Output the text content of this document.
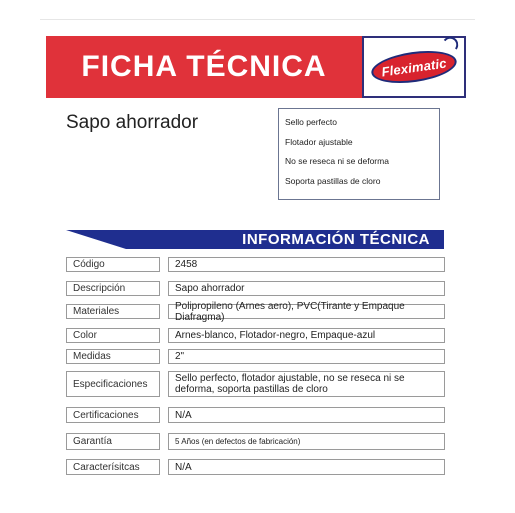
FICHA TÉCNICA	Fleximatic
Sapo ahorrador	Sello perfecto
Flotador ajustable
No se reseca ni se deforma
Soporta pastillas de cloro
INFORMACIÓN TÉCNICA
Código	2458
Descripción	Sapo ahorrador
Materiales	Polipropileno (Arnes aero), PVC(Tirante y Empaque Diafragma)
Color	Arnes-blanco, Flotador-negro, Empaque-azul
Medidas	2"
Especificaciones	Sello perfecto, flotador ajustable, no se reseca ni se deforma, soporta pastillas de cloro
Certificaciones	N/A
Garantía	5 Años (en defectos de fabricación)
Caracterísitcas	N/A
